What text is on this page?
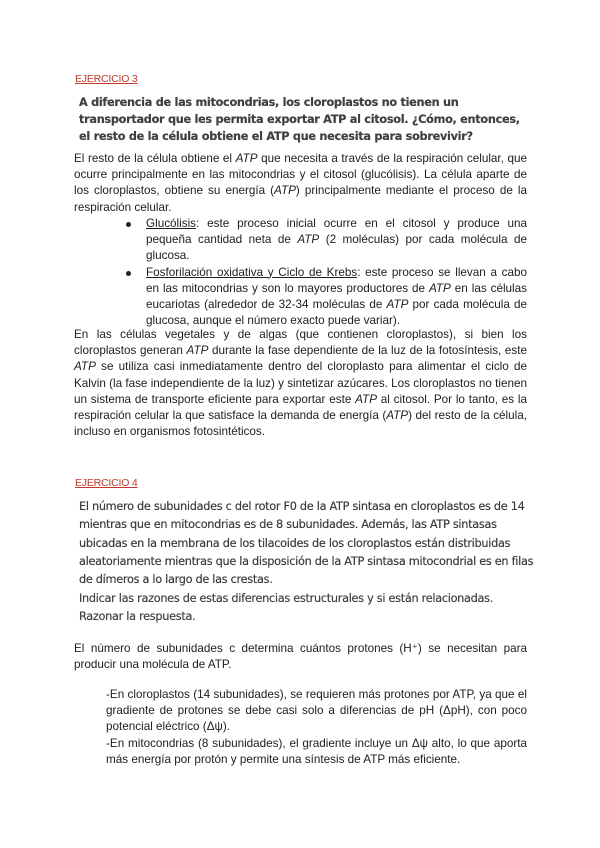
EJERCICIO 3
A diferencia de las mitocondrias, los cloroplastos no tienen un transportador que les permita exportar ATP al citosol. ¿Cómo, entonces, el resto de la célula obtiene el ATP que necesita para sobrevivir?
El resto de la célula obtiene el ATP que necesita a través de la respiración celular, que ocurre principalmente en las mitocondrias y el citosol (glucólisis). La célula aparte de los cloroplastos, obtiene su energía (ATP) principalmente mediante el proceso de la respiración celular.
Glucólisis: este proceso inicial ocurre en el citosol y produce una pequeña cantidad neta de ATP (2 moléculas) por cada molécula de glucosa.
Fosforilación oxidativa y Ciclo de Krebs: este proceso se llevan a cabo en las mitocondrias y son lo mayores productores de ATP en las células eucariotas (alrededor de 32-34 moléculas de ATP por cada molécula de glucosa, aunque el número exacto puede variar).
En las células vegetales y de algas (que contienen cloroplastos), si bien los cloroplastos generan ATP durante la fase dependiente de la luz de la fotosíntesis, este ATP se utiliza casi inmediatamente dentro del cloroplasto para alimentar el ciclo de Kalvin (la fase independiente de la luz) y sintetizar azúcares. Los cloroplastos no tienen un sistema de transporte eficiente para exportar este ATP al citosol. Por lo tanto, es la respiración celular la que satisface la demanda de energía (ATP) del resto de la célula, incluso en organismos fotosintéticos.
EJERCICIO 4
El número de subunidades c del rotor F0 de la ATP sintasa en cloroplastos es de 14 mientras que en mitocondrias es de 8 subunidades. Además, las ATP sintasas ubicadas en la membrana de los tilacoides de los cloroplastos están distribuidas aleatoriamente mientras que la disposición de la ATP sintasa mitocondrial es en filas de dímeros a lo largo de las crestas.
Indicar las razones de estas diferencias estructurales y si están relacionadas. Razonar la respuesta.
El número de subunidades c determina cuántos protones (H⁺) se necesitan para producir una molécula de ATP.

-En cloroplastos (14 subunidades), se requieren más protones por ATP, ya que el gradiente de protones se debe casi solo a diferencias de pH (ΔpH), con poco potencial eléctrico (Δψ).

-En mitocondrias (8 subunidades), el gradiente incluye un Δψ alto, lo que aporta más energía por protón y permite una síntesis de ATP más eficiente.
